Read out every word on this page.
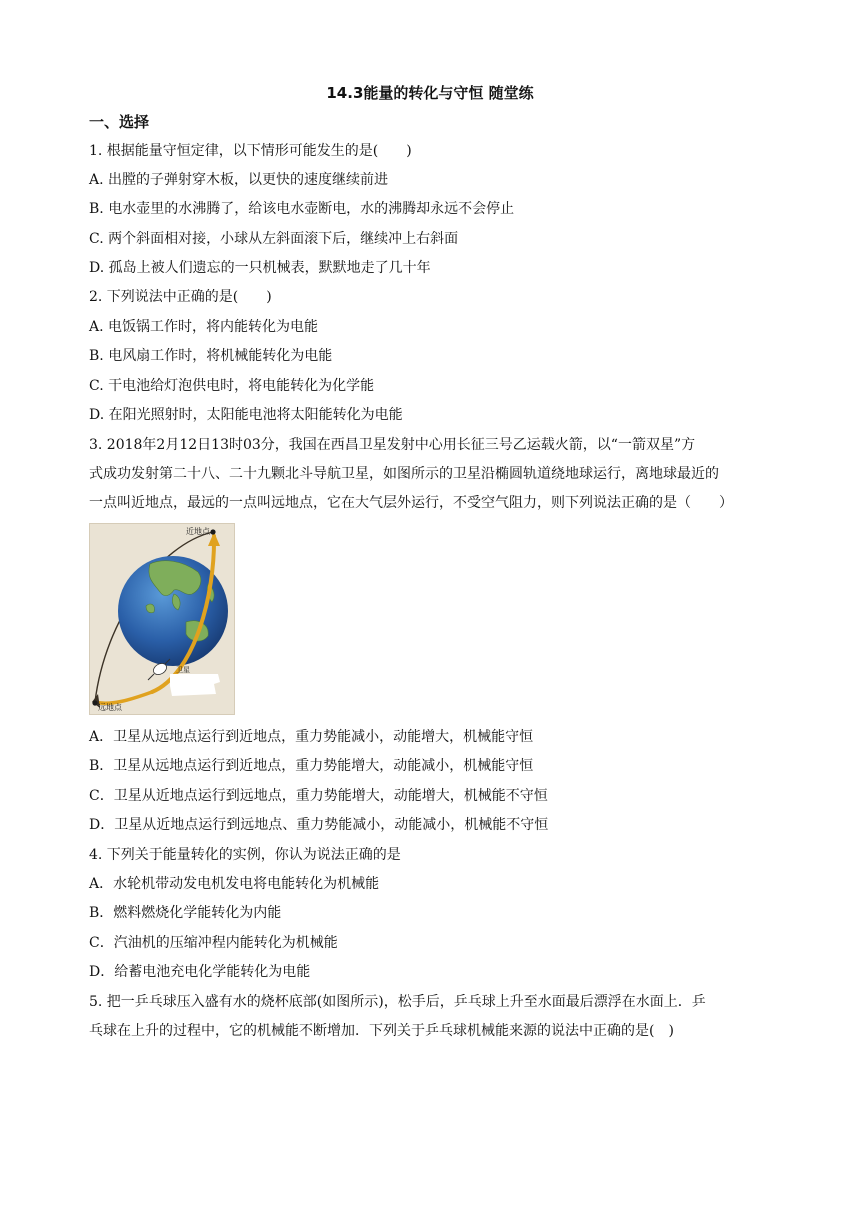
14.3能量的转化与守恒 随堂练
一、选择
1. 根据能量守恒定律，以下情形可能发生的是(　　)
A. 出膛的子弹射穿木板，以更快的速度继续前进
B. 电水壶里的水沸腾了，给该电水壶断电，水的沸腾却永远不会停止
C. 两个斜面相对接，小球从左斜面滚下后，继续冲上右斜面
D. 孤岛上被人们遗忘的一只机械表，默默地走了几十年
2. 下列说法中正确的是(　　)
A. 电饭锅工作时，将内能转化为电能
B. 电风扇工作时，将机械能转化为电能
C. 干电池给灯泡供电时，将电能转化为化学能
D. 在阳光照射时，太阳能电池将太阳能转化为电能
3. 2018年2月12日13时03分，我国在西昌卫星发射中心用长征三号乙运载火箭，以“一箭双星”方
式成功发射第二十八、二十九颗北斗导航卫星，如图所示的卫星沿椭圆轨道绕地球运行，离地球最近的
一点叫近地点，最远的一点叫远地点，它在大气层外运行，不受空气阻力，则下列说法正确的是（　　）
近地点
远地点
卫星
A．卫星从远地点运行到近地点，重力势能减小，动能增大，机械能守恒
B．卫星从远地点运行到近地点，重力势能增大，动能减小，机械能守恒
C．卫星从近地点运行到远地点，重力势能增大，动能增大，机械能不守恒
D．卫星从近地点运行到远地点、重力势能减小，动能减小，机械能不守恒
4. 下列关于能量转化的实例，你认为说法正确的是
A．水轮机带动发电机发电将电能转化为机械能
B．燃料燃烧化学能转化为内能
C．汽油机的压缩冲程内能转化为机械能
D．给蓄电池充电化学能转化为电能
5. 把一乒乓球压入盛有水的烧杯底部(如图所示)，松手后，乒乓球上升至水面最后漂浮在水面上．乒
乓球在上升的过程中，它的机械能不断增加．下列关于乒乓球机械能来源的说法中正确的是(　)
